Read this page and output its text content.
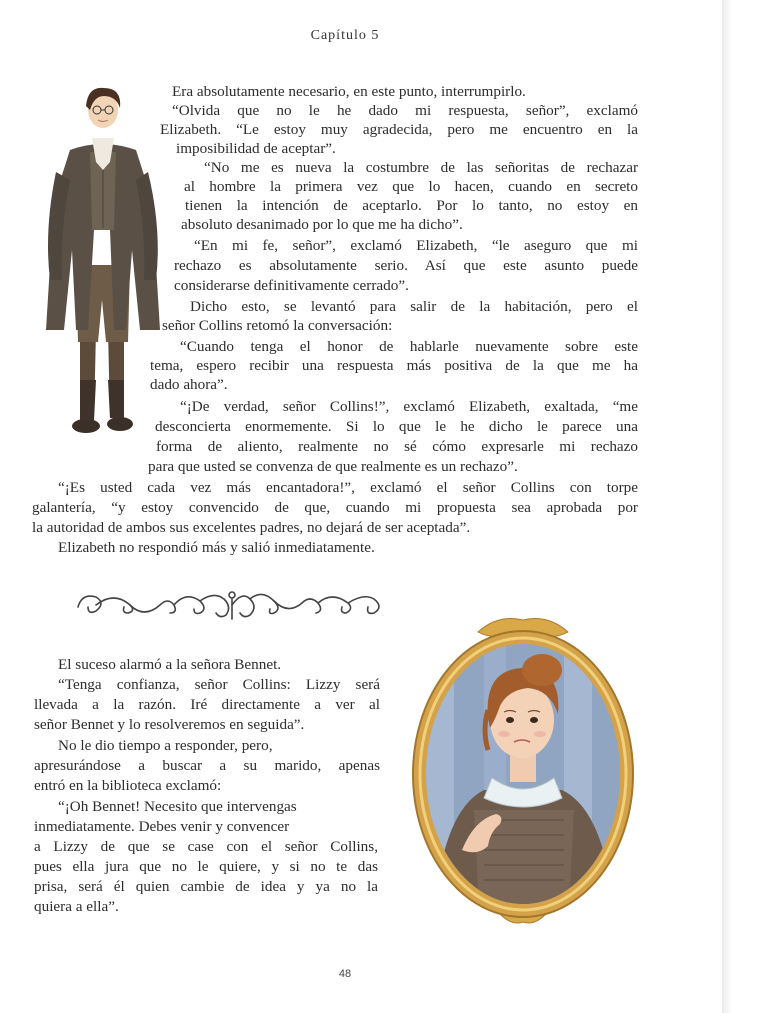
Capítulo 5
Era absolutamente necesario, en este punto, interrumpirlo.
“Olvida que no le he dado mi respuesta, señor”, exclamó
Elizabeth. “Le estoy muy agradecida, pero me encuentro en la
imposibilidad de aceptar”.
“No me es nueva la costumbre de las señoritas de rechazar
al hombre la primera vez que lo hacen, cuando en secreto
tienen la intención de aceptarlo. Por lo tanto, no estoy en
absoluto desanimado por lo que me ha dicho”.
“En mi fe, señor”, exclamó Elizabeth, “le aseguro que mi
rechazo es absolutamente serio. Así que este asunto puede
considerarse definitivamente cerrado”.
Dicho esto, se levantó para salir de la habitación, pero el
señor Collins retomó la conversación:
“Cuando tenga el honor de hablarle nuevamente sobre este
tema, espero recibir una respuesta más positiva de la que me ha
dado ahora”.
“¡De verdad, señor Collins!”, exclamó Elizabeth, exaltada, “me
desconcierta enormemente. Si lo que le he dicho le parece una
forma de aliento, realmente no sé cómo expresarle mi rechazo
para que usted se convenza de que realmente es un rechazo”.
“¡Es usted cada vez más encantadora!”, exclamó el señor Collins con torpe
galantería, “y estoy convencido de que, cuando mi propuesta sea aprobada por
la autoridad de ambos sus excelentes padres, no dejará de ser aceptada”.
Elizabeth no respondió más y salió inmediatamente.
El suceso alarmó a la señora Bennet.
“Tenga confianza, señor Collins: Lizzy será
llevada a la razón. Iré directamente a ver al
señor Bennet y lo resolveremos en seguida”.
No le dio tiempo a responder, pero,
apresurándose a buscar a su marido, apenas
entró en la biblioteca exclamó:
“¡Oh Bennet! Necesito que intervengas
inmediatamente. Debes venir y convencer
a Lizzy de que se case con el señor Collins,
pues ella jura que no le quiere, y si no te das
prisa, será él quien cambie de idea y ya no la
quiera a ella”.
48
